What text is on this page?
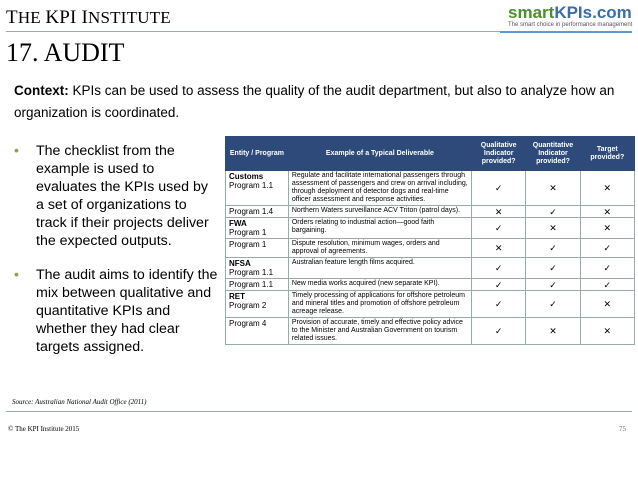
THE KPI INSTITUTE	smartKPIs.com
The smart choice in performance management
17. AUDIT
Context: KPIs can be used to assess the quality of the audit department, but also to analyze how an organization is coordinated.
• The checklist from the example is used to evaluates the KPIs used by a set of organizations to track if their projects deliver the expected outputs.
• The audit aims to identify the mix between qualitative and quantitative KPIs and whether they had clear targets assigned.
Entity / Program	Example of a Typical Deliverable	Qualitative Indicator provided?	Quantitative Indicator provided?	Target provided?
Customs
Program 1.1	Regulate and facilitate international passengers through assessment of passengers and crew on arrival including, through deployment of detector dogs and real-time officer assessment and response activities.	✓	✕	✕
Program 1.4	Northern Waters surveillance ACV Triton (patrol days).	✕	✓	✕
FWA
Program 1	Orders relating to industrial action—good faith bargaining.	✓	✕	✕
Program 1	Dispute resolution, minimum wages, orders and approval of agreements.	✕	✓	✓
NFSA
Program 1.1	Australian feature length films acquired.	✓	✓	✓
Program 1.1	New media works acquired (new separate KPI).	✓	✓	✓
RET
Program 2	Timely processing of applications for offshore petroleum and mineral titles and promotion of offshore petroleum acreage release.	✓	✓	✕
Program 4	Provision of accurate, timely and effective policy advice to the Minister and Australian Government on tourism related issues.	✓	✕	✕
Source: Australian National Audit Office (2011)
© The KPI Institute 2015	75
